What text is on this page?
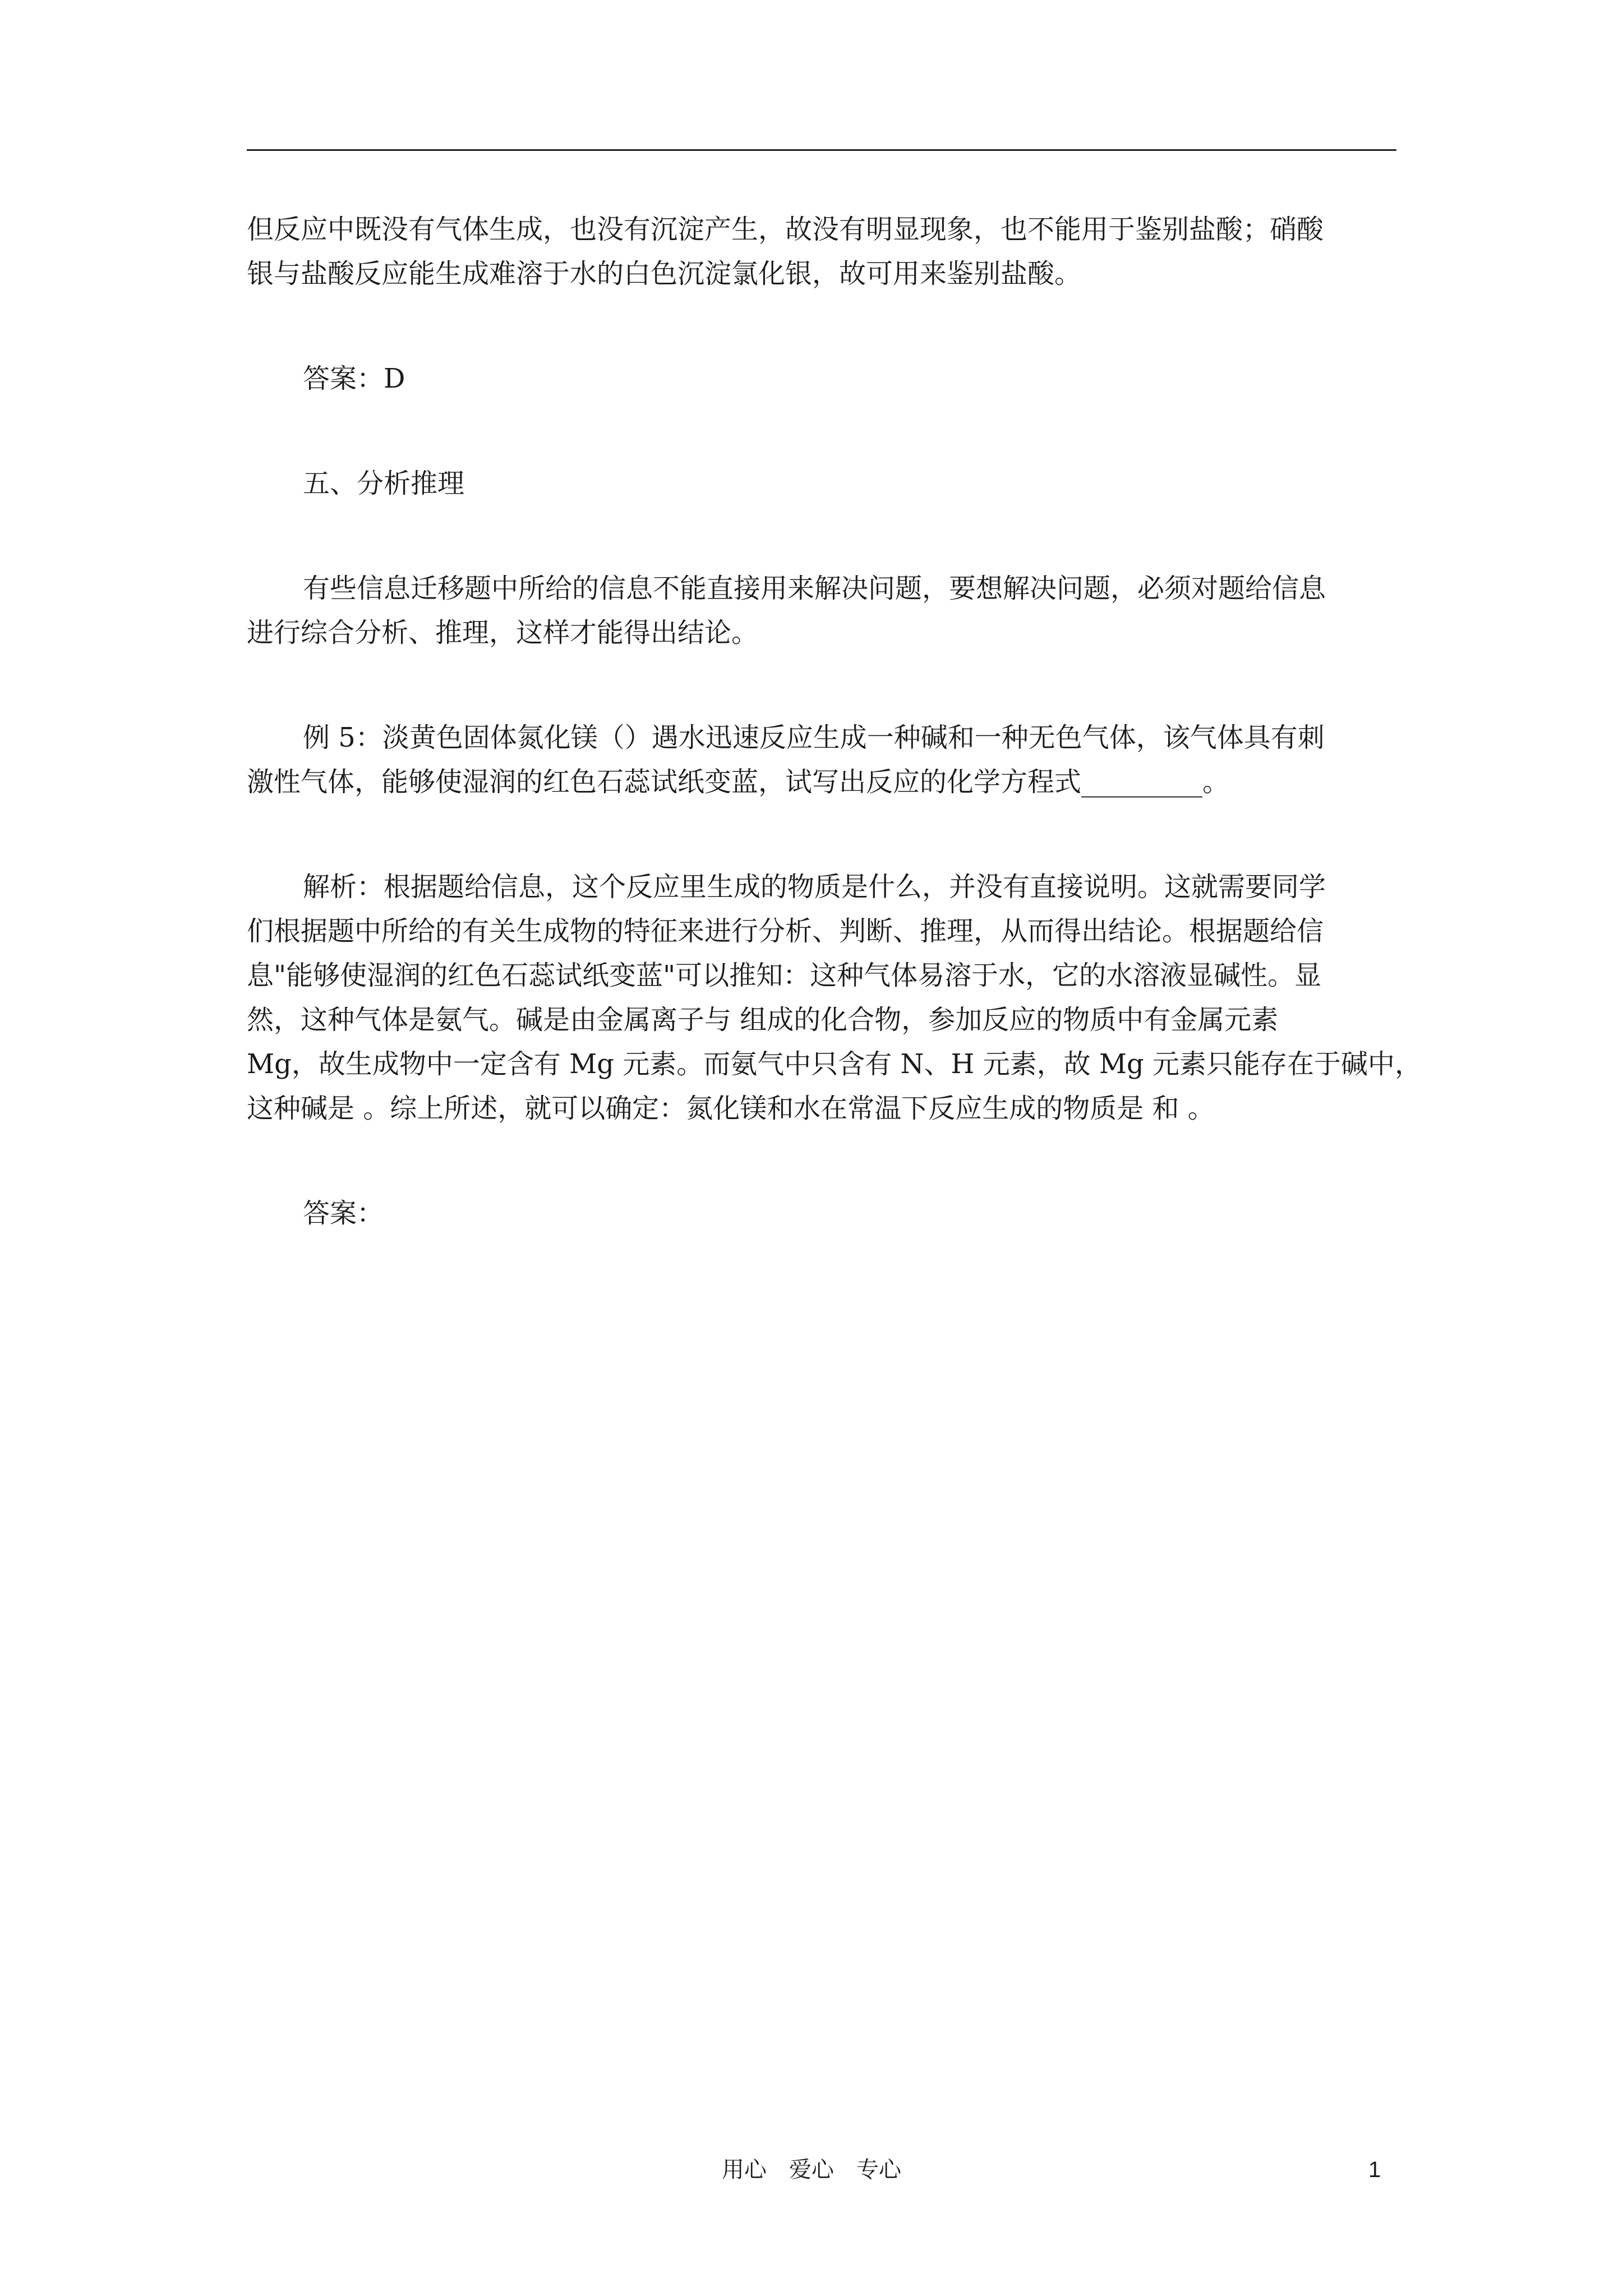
但反应中既没有气体生成，也没有沉淀产生，故没有明显现象，也不能用于鉴别盐酸；硝酸
银与盐酸反应能生成难溶于水的白色沉淀氯化银，故可用来鉴别盐酸。
答案：D
五、分析推理
有些信息迁移题中所给的信息不能直接用来解决问题，要想解决问题，必须对题给信息
进行综合分析、推理，这样才能得出结论。
例 5：淡黄色固体氮化镁（）遇水迅速反应生成一种碱和一种无色气体，该气体具有刺
激性气体，能够使湿润的红色石蕊试纸变蓝，试写出反应的化学方程式_________。
解析：根据题给信息，这个反应里生成的物质是什么，并没有直接说明。这就需要同学
们根据题中所给的有关生成物的特征来进行分析、判断、推理，从而得出结论。根据题给信
息"能够使湿润的红色石蕊试纸变蓝"可以推知：这种气体易溶于水，它的水溶液显碱性。显
然，这种气体是氨气。碱是由金属离子与 组成的化合物，参加反应的物质中有金属元素
Mg，故生成物中一定含有 Mg 元素。而氨气中只含有 N、H 元素，故 Mg 元素只能存在于碱中，
这种碱是 。综上所述，就可以确定：氮化镁和水在常温下反应生成的物质是 和 。
答案：
用心　爱心　专心	1
